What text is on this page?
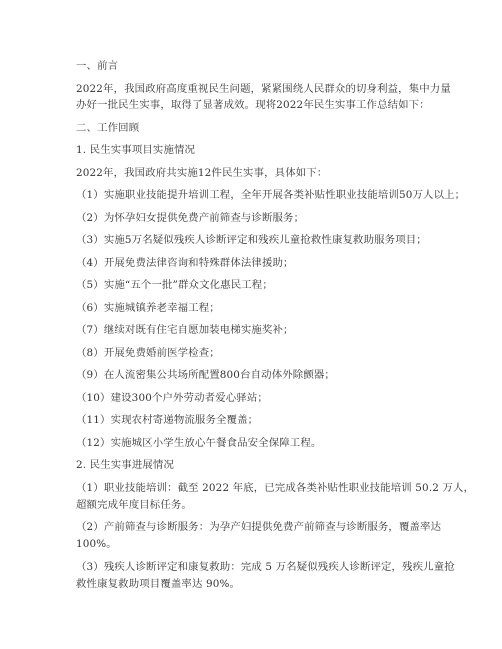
一、前言
2022年，我国政府高度重视民生问题，紧紧围绕人民群众的切身利益，集中力量
办好一批民生实事，取得了显著成效。现将2022年民生实事工作总结如下：
二、工作回顾
1. 民生实事项目实施情况
2022年，我国政府共实施12件民生实事，具体如下：
（1）实施职业技能提升培训工程，全年开展各类补贴性职业技能培训50万人以上；
（2）为怀孕妇女提供免费产前筛查与诊断服务；
（3）实施5万名疑似残疾人诊断评定和残疾儿童抢救性康复救助服务项目；
（4）开展免费法律咨询和特殊群体法律援助；
（5）实施“五个一批”群众文化惠民工程；
（6）实施城镇养老幸福工程；
（7）继续对既有住宅自愿加装电梯实施奖补；
（8）开展免费婚前医学检查；
（9）在人流密集公共场所配置800台自动体外除颤器；
（10）建设300个户外劳动者爱心驿站；
（11）实现农村寄递物流服务全覆盖；
（12）实施城区小学生放心午餐食品安全保障工程。
2. 民生实事进展情况
（1）职业技能培训：截至 2022 年底，已完成各类补贴性职业技能培训 50.2 万人，
超额完成年度目标任务。
（2）产前筛查与诊断服务：为孕产妇提供免费产前筛查与诊断服务，覆盖率达
100%。
（3）残疾人诊断评定和康复救助：完成 5 万名疑似残疾人诊断评定，残疾儿童抢
救性康复救助项目覆盖率达 90%。
